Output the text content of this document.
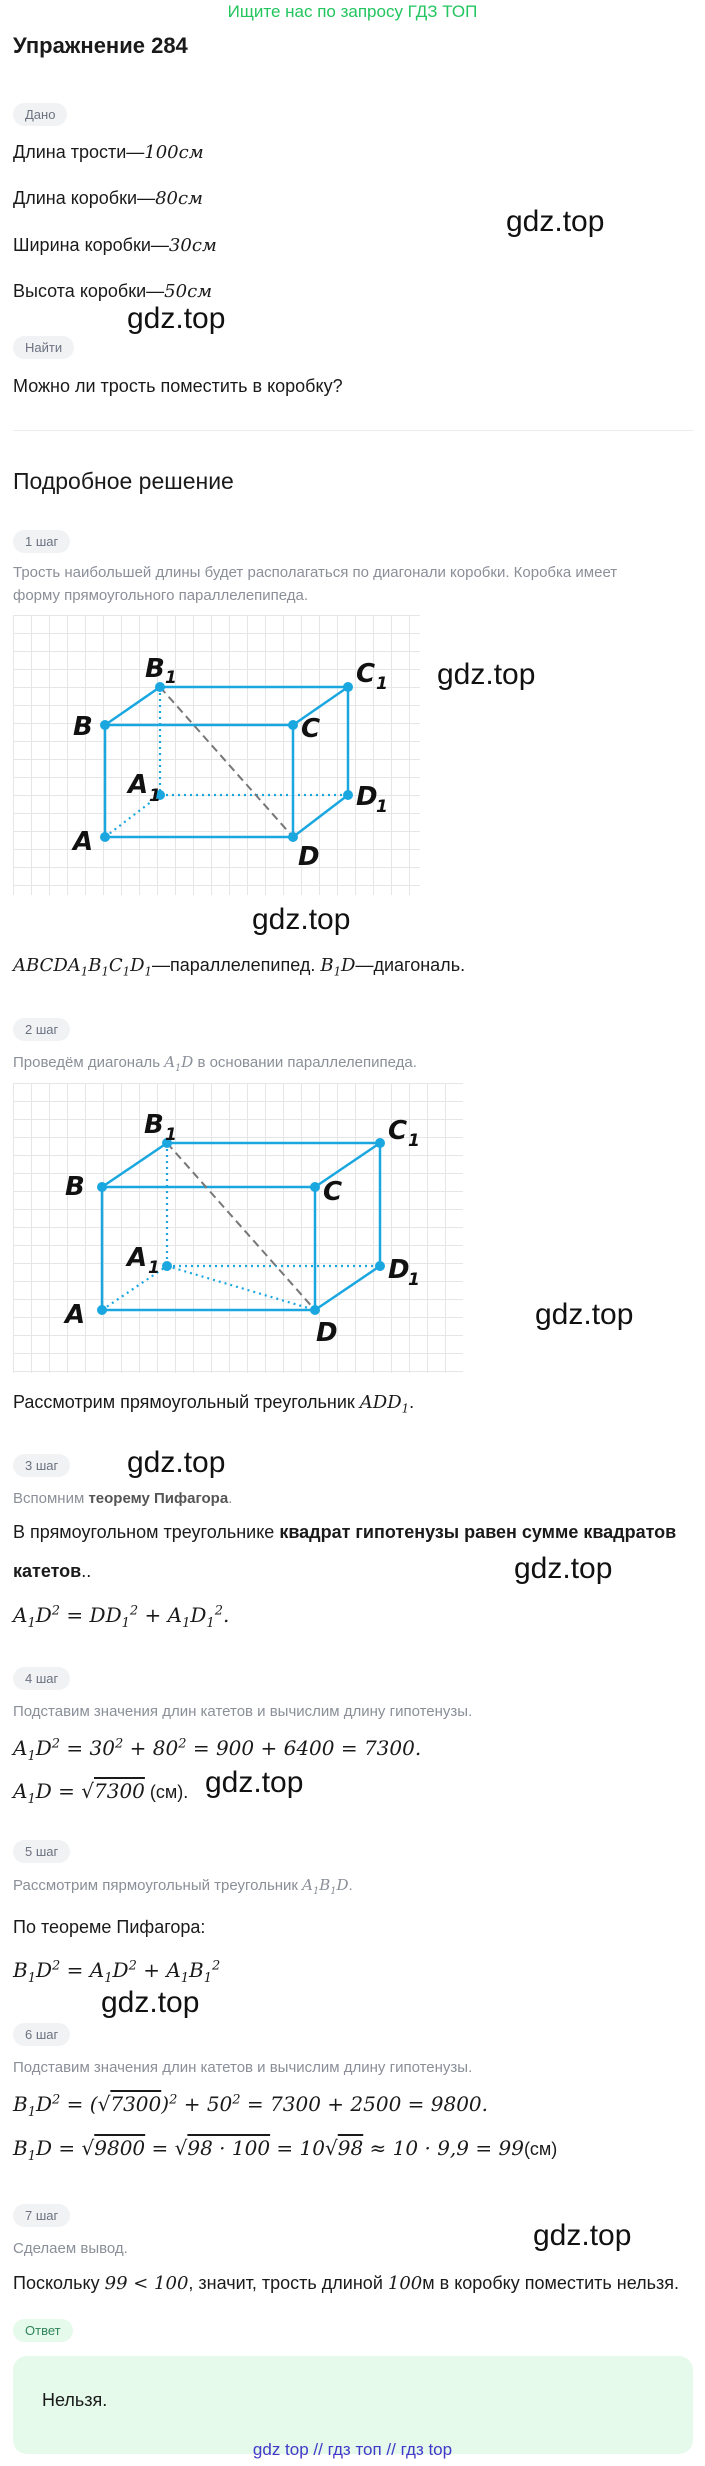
Ищите нас по запросу ГДЗ ТОП
Упражнение 284
Дано
Длина трости—100см
Длина коробки—80см
Ширина коробки—30см
Высота коробки—50см
Найти
Можно ли трость поместить в коробку?
gdz.top
gdz.top
Подробное решение
1 шаг
Трость наибольшей длины будет располагаться по диагонали коробки. Коробка имеет
форму прямоугольного параллелепипеда.
A
B	C
D
A 1
B 1	C 1
D
1
gdz.top
gdz.top
$ABCDA_1B_1C_1D_1—параллелепипед$. $B_1D—диагональ$.
2 шаг
Проведём диагональ $A_1D$ в основании параллелепипеда.
A
B	C
D
A 1
B 1	C 1
D
1
gdz.top
Рассмотрим прямоугольный треугольник $ADD_1$.
3 шаг	gdz.top
Вспомним теорему Пифагора.
В прямоугольном треугольнике квадрат гипотенузы равен сумме квадратов
катетов..	gdz.top
$A_1D^2 = DD_1^2 + A_1D_1^2$.
4 шаг
Подставим значения длин катетов и вычислим длину гипотенузы.
$A_1D^2 = 30^2 + 80^2 = 900 + 6400 = 7300$.
$A_1D = √7300$ (см). gdz.top
5 шаг
Рассмотрим пярмоугольный треугольник $A_1B_1D$.
По теореме Пифагора:
$B_1D^2 = A_1D^2 + A_1B_1^2$
gdz.top
6 шаг
Подставим значения длин катетов и вычислим длину гипотенузы.
$B_1D^2 = (√7300)^2 + 50^2 = 7300 + 2500 = 9800$.
$B_1D = √9800 = √98 \cdot 100 = 10√98 \approx 10 \cdot 9,9 = 99(см)$
7 шаг
gdz.top
Сделаем вывод.
Поскольку 99 < 100, значит, трость длиной 100м в коробку поместить нельзя.
Ответ
Нельзя.
gdz top // гдз топ // гдз top
